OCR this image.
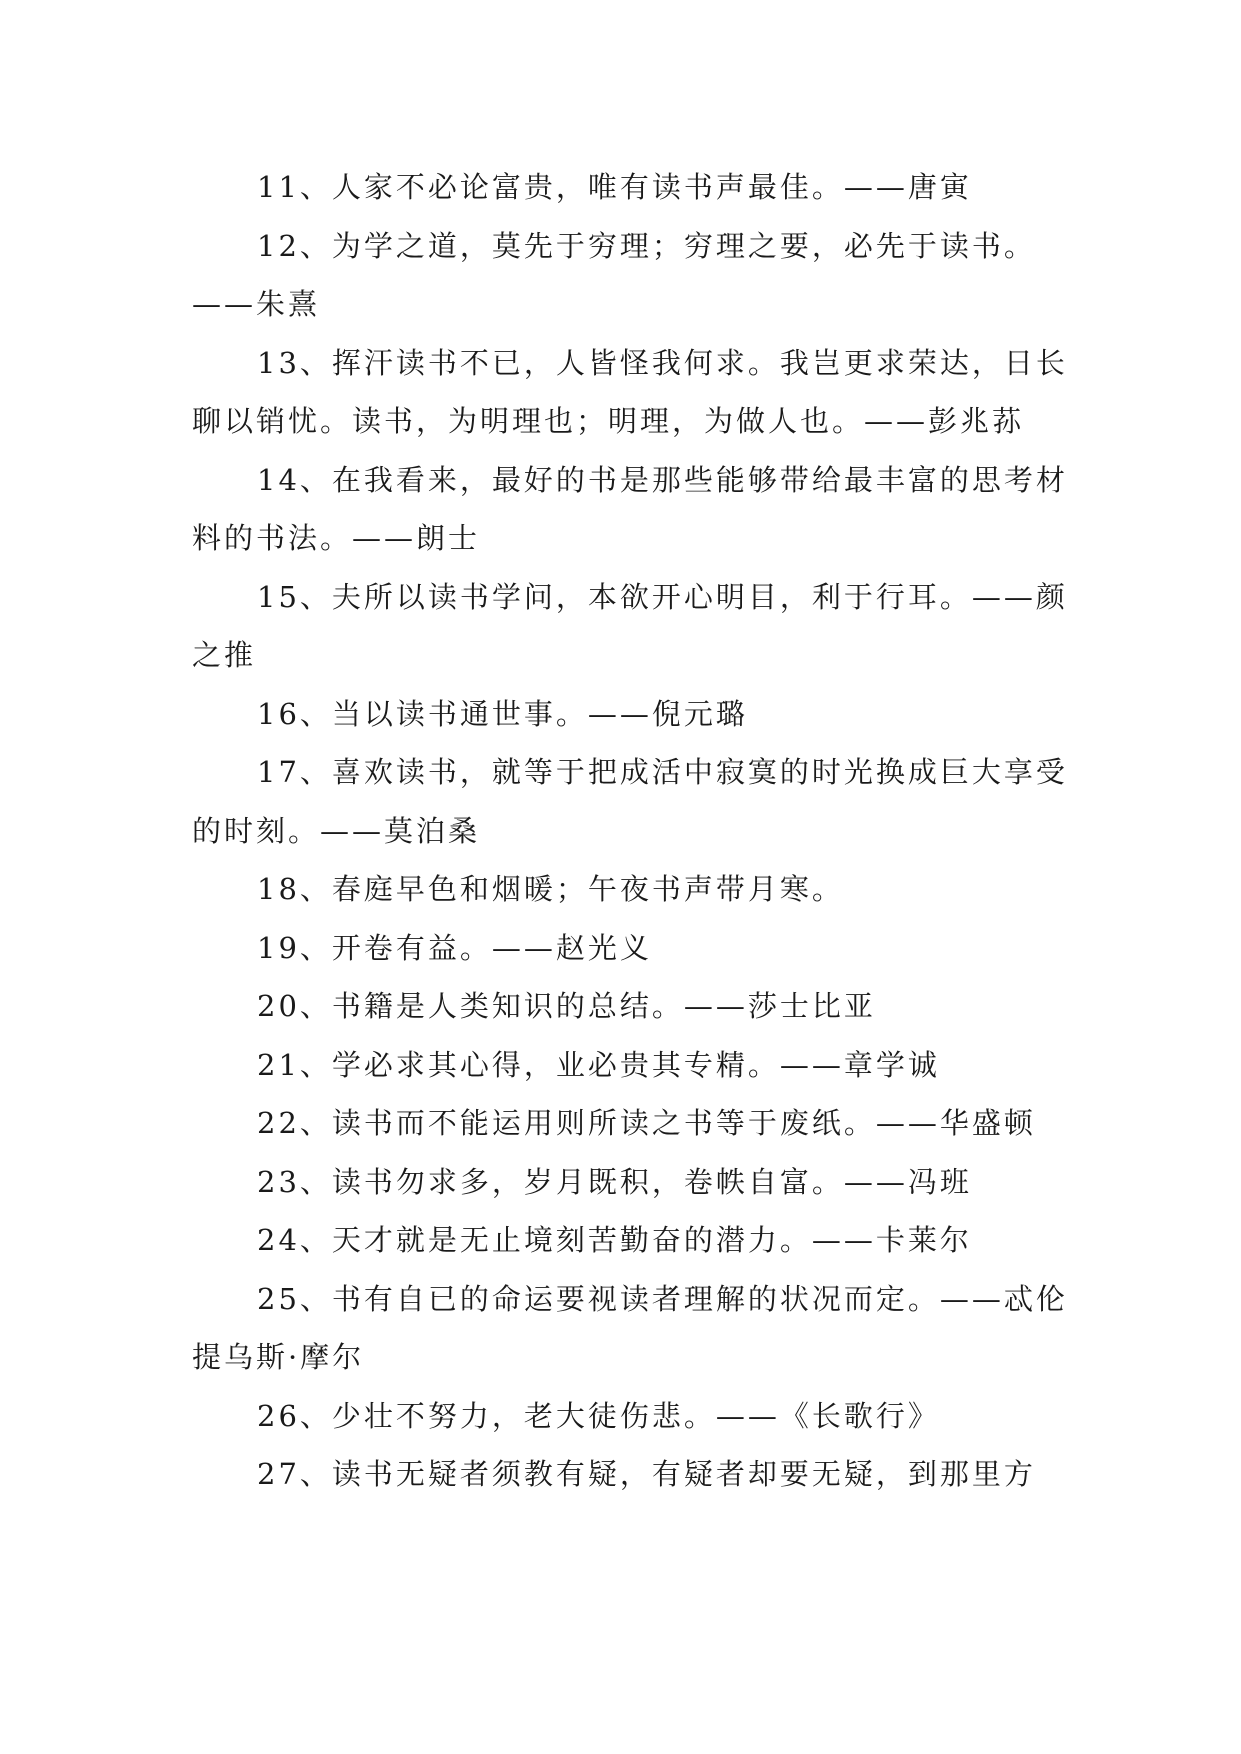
11、人家不必论富贵，唯有读书声最佳。——唐寅

12、为学之道，莫先于穷理；穷理之要，必先于读书。——朱熹

13、挥汗读书不已，人皆怪我何求。我岂更求荣达，日长聊以销忧。读书，为明理也；明理，为做人也。——彭兆荪

14、在我看来，最好的书是那些能够带给最丰富的思考材料的书法。——朗士

15、夫所以读书学问，本欲开心明目，利于行耳。——颜之推

16、当以读书通世事。——倪元璐

17、喜欢读书，就等于把成活中寂寞的时光换成巨大享受的时刻。——莫泊桑

18、春庭早色和烟暖；午夜书声带月寒。

19、开卷有益。——赵光义

20、书籍是人类知识的总结。——莎士比亚

21、学必求其心得，业必贵其专精。——章学诚

22、读书而不能运用则所读之书等于废纸。——华盛顿

23、读书勿求多，岁月既积，卷帙自富。——冯班

24、天才就是无止境刻苦勤奋的潜力。——卡莱尔

25、书有自已的命运要视读者理解的状况而定。——忒伦提乌斯·摩尔

26、少壮不努力，老大徒伤悲。——《长歌行》

27、读书无疑者须教有疑，有疑者却要无疑，到那里方
